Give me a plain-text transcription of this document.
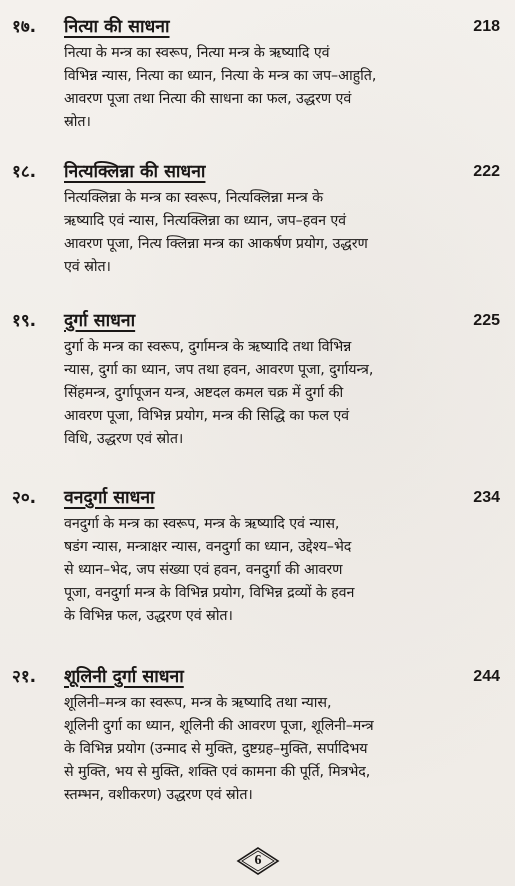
१७.	नित्या की साधना	218
नित्या के मन्त्र का स्वरूप, नित्या मन्त्र के ऋष्यादि एवं
विभिन्न न्यास, नित्या का ध्यान, नित्या के मन्त्र का जप–आहुति,
आवरण पूजा तथा नित्या की साधना का फल, उद्धरण एवं
स्रोत।
१८.	नित्यक्लिन्ना की साधना	222
नित्यक्लिन्ना के मन्त्र का स्वरूप, नित्यक्लिन्ना मन्त्र के
ऋष्यादि एवं न्यास, नित्यक्लिन्ना का ध्यान, जप–हवन एवं
आवरण पूजा, नित्य क्लिन्ना मन्त्र का आकर्षण प्रयोग, उद्धरण
एवं स्रोत।
१९.	दुर्गा साधना	225
दुर्गा के मन्त्र का स्वरूप, दुर्गामन्त्र के ऋष्यादि तथा विभिन्न
न्यास, दुर्गा का ध्यान, जप तथा हवन, आवरण पूजा, दुर्गायन्त्र,
सिंहमन्त्र, दुर्गापूजन यन्त्र, अष्टदल कमल चक्र में दुर्गा की
आवरण पूजा, विभिन्न प्रयोग, मन्त्र की सिद्धि का फल एवं
विधि, उद्धरण एवं स्रोत।
२०.	वनदुर्गा साधना	234
वनदुर्गा के मन्त्र का स्वरूप, मन्त्र के ऋष्यादि एवं न्यास,
षडंग न्यास, मन्त्राक्षर न्यास, वनदुर्गा का ध्यान, उद्देश्य–भेद
से ध्यान–भेद, जप संख्या एवं हवन, वनदुर्गा की आवरण
पूजा, वनदुर्गा मन्त्र के विभिन्न प्रयोग, विभिन्न द्रव्यों के हवन
के विभिन्न फल, उद्धरण एवं स्रोत।
२१.	शूलिनी दुर्गा साधना	244
शूलिनी–मन्त्र का स्वरूप, मन्त्र के ऋष्यादि तथा न्यास,
शूलिनी दुर्गा का ध्यान, शूलिनी की आवरण पूजा, शूलिनी–मन्त्र
के विभिन्न प्रयोग (उन्माद से मुक्ति, दुष्टग्रह–मुक्ति, सर्पादिभय
से मुक्ति, भय से मुक्ति, शक्ति एवं कामना की पूर्ति, मित्रभेद,
स्तम्भन, वशीकरण) उद्धरण एवं स्रोत।
6
